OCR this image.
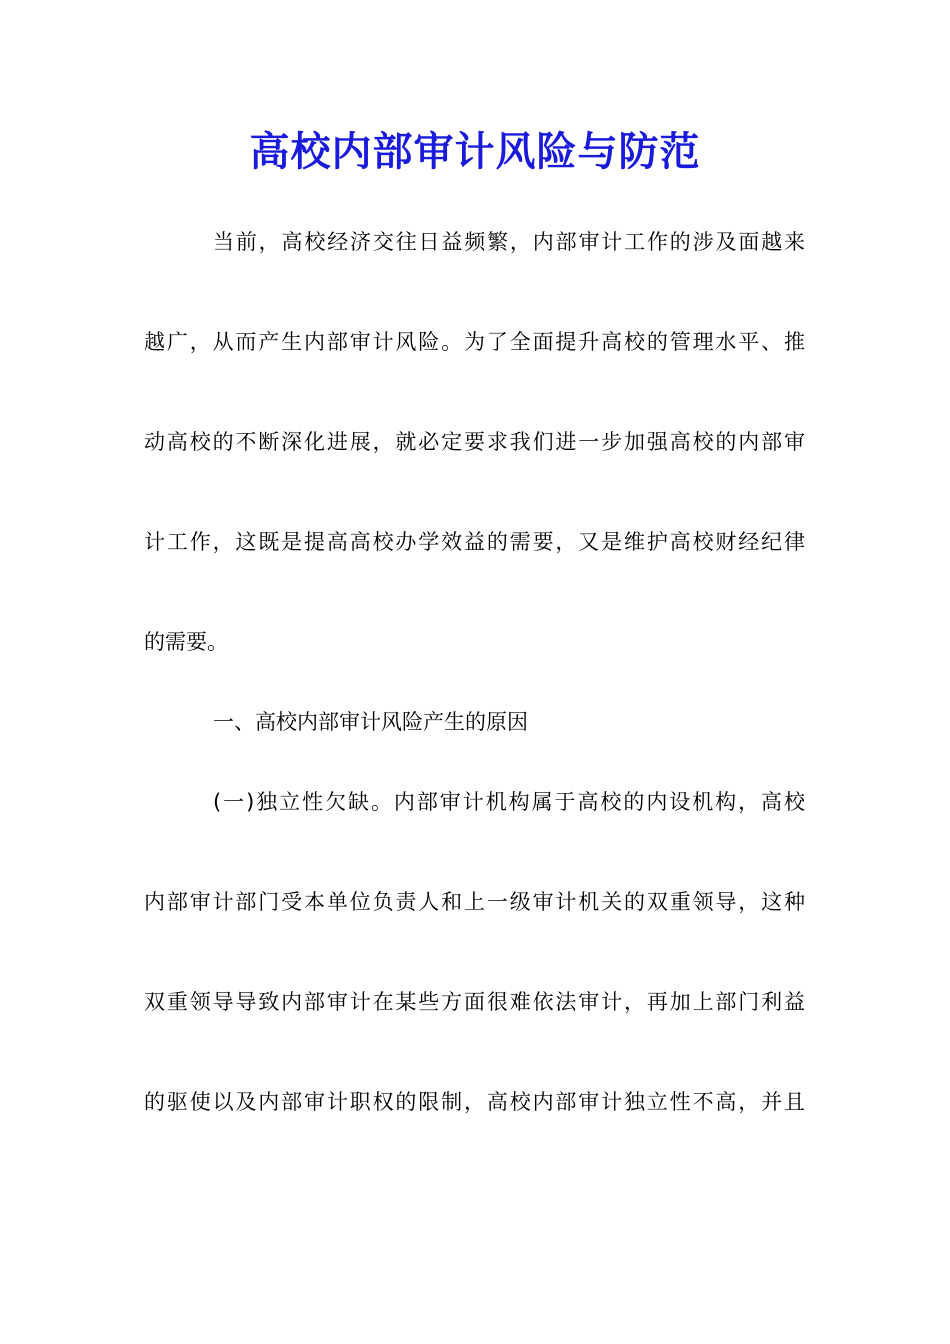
高校内部审计风险与防范
当前，高校经济交往日益频繁，内部审计工作的涉及面越来
越广，从而产生内部审计风险。为了全面提升高校的管理水平、推
动高校的不断深化进展，就必定要求我们进一步加强高校的内部审
计工作，这既是提高高校办学效益的需要，又是维护高校财经纪律
的需要。
一、高校内部审计风险产生的原因
(一)独立性欠缺。内部审计机构属于高校的内设机构，高校
内部审计部门受本单位负责人和上一级审计机关的双重领导，这种
双重领导导致内部审计在某些方面很难依法审计，再加上部门利益
的驱使以及内部审计职权的限制，高校内部审计独立性不高，并且
